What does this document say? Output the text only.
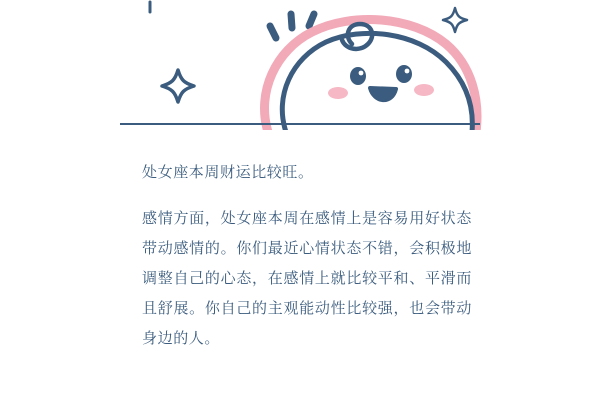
处女座本周财运比较旺。

感情方面，处女座本周在感情上是容易用好状态带动感情的。你们最近心情状态不错，会积极地调整自己的心态，在感情上就比较平和、平滑而且舒展。你自己的主观能动性比较强，也会带动身边的人。
